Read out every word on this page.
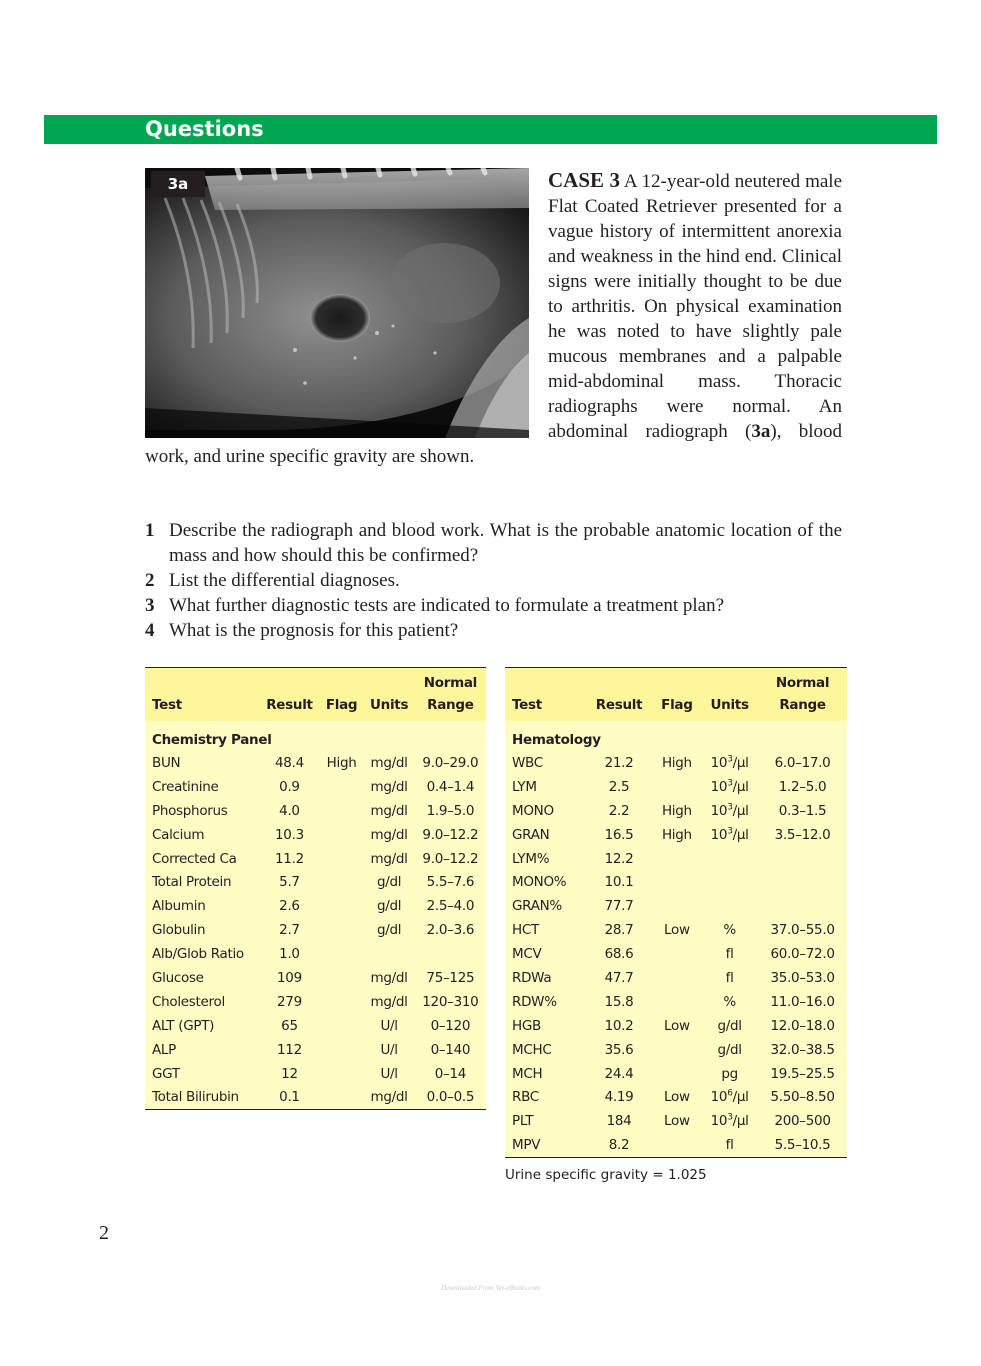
Questions
3a	CASE 3 A 12-year-old neutered male Flat Coated Retriever presented for a vague history of intermittent anorexia and weakness in the hind end. Clinical signs were initially thought to be due to arthritis. On physical examination he was noted to have slightly pale mucous membranes and a palpable mid-abdominal mass. Thoracic radiographs were normal. An abdominal radiograph (3a), blood work, and urine specific gravity are shown.

1 Describe the radiograph and blood work. What is the probable anatomic location of the mass and how should this be confirmed?
2 List the differential diagnoses.
3 What further diagnostic tests are indicated to formulate a treatment plan?
4 What is the prognosis for this patient?
Test	Result	Flag	Units	Normal
Range
Chemistry Panel				
BUN	48.4	High	mg/dl	9.0–29.0
Creatinine	0.9		mg/dl	0.4–1.4
Phosphorus	4.0		mg/dl	1.9–5.0
Calcium	10.3		mg/dl	9.0–12.2
Corrected Ca	11.2		mg/dl	9.0–12.2
Total Protein	5.7		g/dl	5.5–7.6
Albumin	2.6		g/dl	2.5–4.0
Globulin	2.7		g/dl	2.0–3.6
Alb/Glob Ratio	1.0			
Glucose	109		mg/dl	75–125
Cholesterol	279		mg/dl	120–310
ALT (GPT)	65		U/l	0–120
ALP	112		U/l	0–140
GGT	12		U/l	0–14
Total Bilirubin	0.1		mg/dl	0.0–0.5
Test	Result	Flag	Units	Normal
Range
Hematology				
WBC	21.2	High	$10^3/\mu l$	6.0–17.0
LYM	2.5		$10^3/\mu l$	1.2–5.0
MONO	2.2	High	$10^3/\mu l$	0.3–1.5
GRAN	16.5	High	$10^3/\mu l$	3.5–12.0
LYM%	12.2			
MONO%	10.1			
GRAN%	77.7			
HCT	28.7	Low	%	37.0–55.0
MCV	68.6		fl	60.0–72.0
RDWa	47.7		fl	35.0–53.0
RDW%	15.8		%	11.0–16.0
HGB	10.2	Low	g/dl	12.0–18.0
MCHC	35.6		g/dl	32.0–38.5
MCH	24.4		pg	19.5–25.5
RBC	4.19	Low	$10^6/\mu l$	5.50–8.50
PLT	184	Low	$10^3/\mu l$	200–500
MPV	8.2		fl	5.5–10.5
Urine specific gravity = 1.025
2
Downloaded From Vet-eBooks.com
